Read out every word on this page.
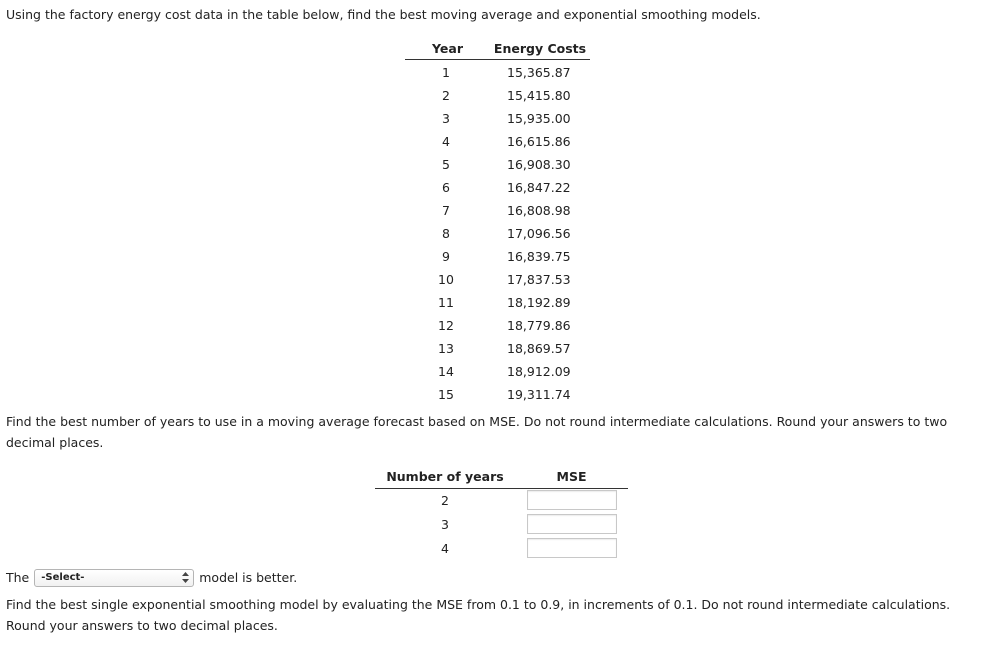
Using the factory energy cost data in the table below, find the best moving average and exponential smoothing models.
Year	Energy Costs
1	15,365.87
2	15,415.80
3	15,935.00
4	16,615.86
5	16,908.30
6	16,847.22
7	16,808.98
8	17,096.56
9	16,839.75
10	17,837.53
11	18,192.89
12	18,779.86
13	18,869.57
14	18,912.09
15	19,311.74
Find the best number of years to use in a moving average forecast based on MSE. Do not round intermediate calculations. Round your answers to two decimal places.
Number of years	MSE
2
3
4
The	-Select-	model is better.
Find the best single exponential smoothing model by evaluating the MSE from 0.1 to 0.9, in increments of 0.1. Do not round intermediate calculations. Round your answers to two decimal places.
